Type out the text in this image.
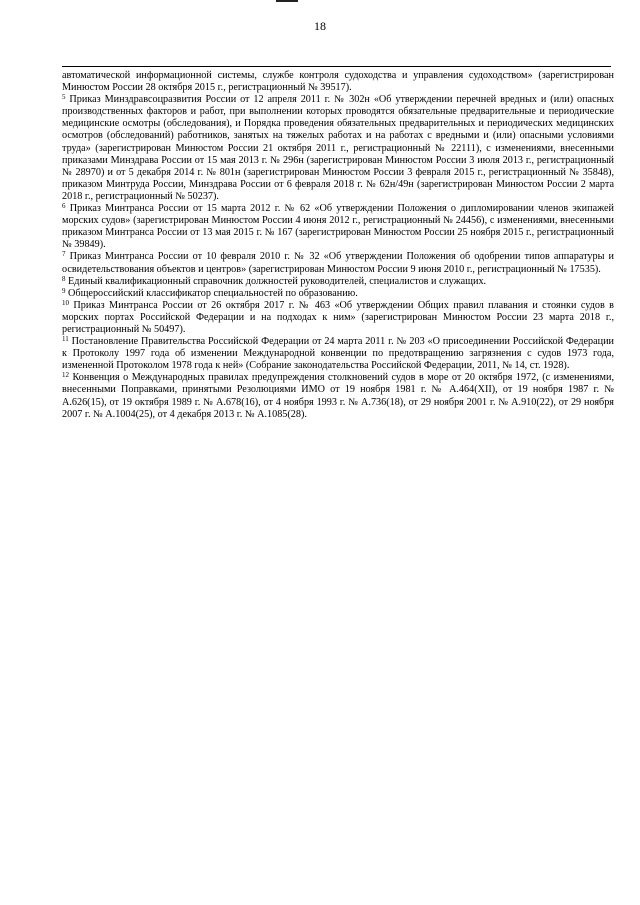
18

автоматической информационной системы, службе контроля судоходства и управления судоходством» (зарегистрирован Минюстом России 28 октября 2015 г., регистрационный № 39517).

$^5$ Приказ Минздравсоцразвития России от 12 апреля 2011 г. № 302н «Об утверждении перечней вредных и (или) опасных производственных факторов и работ, при выполнении которых проводятся обязательные предварительные и периодические медицинские осмотры (обследования), и Порядка проведения обязательных предварительных и периодических медицинских осмотров (обследований) работников, занятых на тяжелых работах и на работах с вредными и (или) опасными условиями труда» (зарегистрирован Минюстом России 21 октября 2011 г., регистрационный № 22111), с изменениями, внесенными приказами Минздрава России от 15 мая 2013 г. № 296н (зарегистрирован Минюстом России 3 июля 2013 г., регистрационный № 28970) и от 5 декабря 2014 г. № 801н (зарегистрирован Минюстом России 3 февраля 2015 г., регистрационный № 35848), приказом Минтруда России, Минздрава России от 6 февраля 2018 г. № 62н/49н (зарегистрирован Минюстом России 2 марта 2018 г., регистрационный № 50237).

$^6$ Приказ Минтранса России от 15 марта 2012 г. № 62 «Об утверждении Положения о дипломировании членов экипажей морских судов» (зарегистрирован Минюстом России 4 июня 2012 г., регистрационный № 24456), с изменениями, внесенными приказом Минтранса России от 13 мая 2015 г. № 167 (зарегистрирован Минюстом России 25 ноября 2015 г., регистрационный № 39849).

$^7$ Приказ Минтранса России от 10 февраля 2010 г. № 32 «Об утверждении Положения об одобрении типов аппаратуры и освидетельствования объектов и центров» (зарегистрирован Минюстом России 9 июня 2010 г., регистрационный № 17535).

$^8$ Единый квалификационный справочник должностей руководителей, специалистов и служащих.

$^9$ Общероссийский классификатор специальностей по образованию.

$^{10}$ Приказ Минтранса России от 26 октября 2017 г. № 463 «Об утверждении Общих правил плавания и стоянки судов в морских портах Российской Федерации и на подходах к ним» (зарегистрирован Минюстом России 23 марта 2018 г., регистрационный № 50497).

$^{11}$ Постановление Правительства Российской Федерации от 24 марта 2011 г. № 203 «О присоединении Российской Федерации к Протоколу 1997 года об изменении Международной конвенции по предотвращению загрязнения с судов 1973 года, измененной Протоколом 1978 года к ней» (Собрание законодательства Российской Федерации, 2011, № 14, ст. 1928).

$^{12}$ Конвенция о Международных правилах предупреждения столкновений судов в море от 20 октября 1972, (с изменениями, внесенными Поправками, принятыми Резолюциями ИМО от 19 ноября 1981 г. № A.464(XII), от 19 ноября 1987 г. № A.626(15), от 19 октября 1989 г. № A.678(16), от 4 ноября 1993 г. № A.736(18), от 29 ноября 2001 г. № A.910(22), от 29 ноября 2007 г. № A.1004(25), от 4 декабря 2013 г. № A.1085(28).
